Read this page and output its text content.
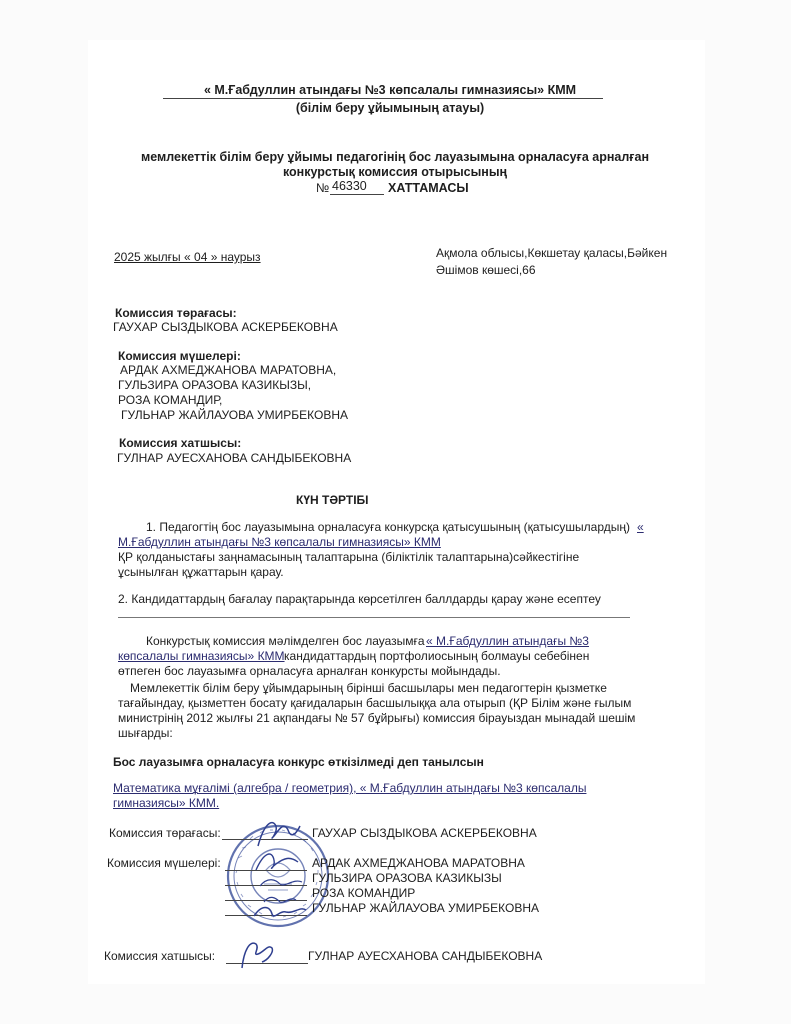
« М.Ғабдуллин атындағы №3 көпсалалы гимназиясы» КММ
(білім беру ұйымының атауы)
мемлекеттік білім беру ұйымы педагогінің бос лауазымына орналасуға арналған
конкурстық комиссия отырысының
№ 46330 ХАТТАМАСЫ
2025 жылғы « 04 » наурыз	Ақмола облысы,Көкшетау қаласы,Бәйкен
Әшімов көшесі,66
Комиссия төрағасы:
ГАУХАР СЫЗДЫКОВА АСКЕРБЕКОВНА
Комиссия мүшелері:
АРДАК АХМЕДЖАНОВА МАРАТОВНА,
ГУЛЬЗИРА ОРАЗОВА КАЗИКЫЗЫ,
РОЗА КОМАНДИР,
ГУЛЬНАР ЖАЙЛАУОВА УМИРБЕКОВНА
Комиссия хатшысы:
ГУЛНАР АУЕСХАНОВА САНДЫБЕКОВНА
КҮН ТӘРТІБІ
1. Педагогтің бос лауазымына орналасуға конкурсқа қатысушының (қатысушылардың) «
М.Ғабдуллин атындағы №3 көпсалалы гимназиясы» КММ
ҚР қолданыстағы заңнамасының талаптарына (біліктілік талаптарына)сәйкестігіне
ұсынылған құжаттарын қарау.
2. Кандидаттардың бағалау парақтарында көрсетілген баллдарды қарау және есептеу
Конкурстық комиссия мәлімделген бос лауазымға « М.Ғабдуллин атындағы №3
көпсалалы гимназиясы» КММ кандидаттардың портфолиосының болмауы себебінен
өтпеген бос лауазымға орналасуға арналған конкурсты мойындады.
Мемлекеттік білім беру ұйымдарының бірінші басшылары мен педагогтерін қызметке
тағайындау, қызметтен босату қағидаларын басшылыққа ала отырып (ҚР Білім және ғылым
министрінің 2012 жылғы 21 ақпандағы № 57 бұйрығы) комиссия бірауыздан мынадай шешім
шығарды:
Бос лауазымға орналасуға конкурс өткізілмеді деп танылсын
Математика мұғалімі (алгебра / геометрия), « М.Ғабдуллин атындағы №3 көпсалалы
гимназиясы» КММ.
Комиссия төрағасы:	ГАУХАР СЫЗДЫКОВА АСКЕРБЕКОВНА
Комиссия мүшелері:	АРДАК АХМЕДЖАНОВА МАРАТОВНА
ГУЛЬЗИРА ОРАЗОВА КАЗИКЫЗЫ
РОЗА КОМАНДИР
ГУЛЬНАР ЖАЙЛАУОВА УМИРБЕКОВНА
Комиссия хатшысы:	ГУЛНАР АУЕСХАНОВА САНДЫБЕКОВНА
